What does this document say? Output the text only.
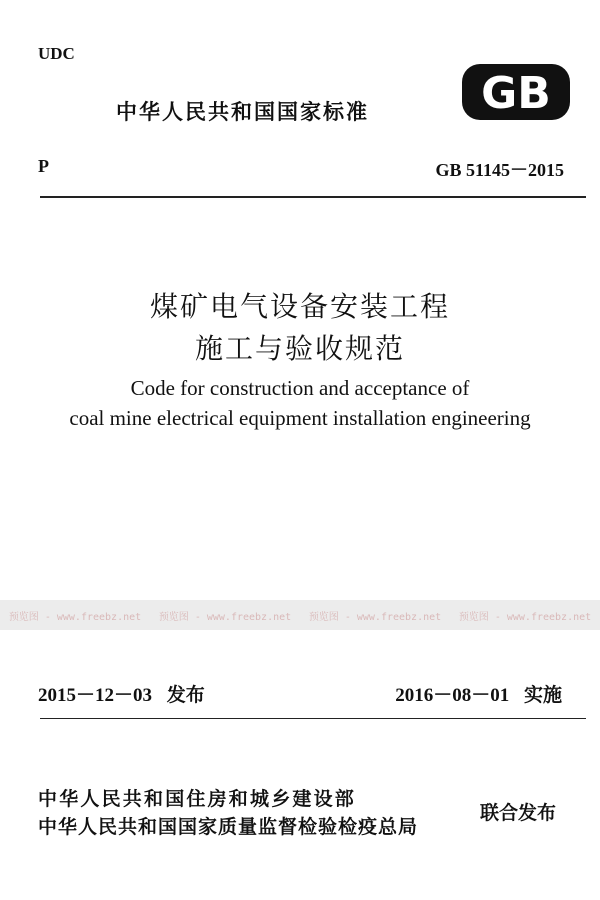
UDC
中华人民共和国国家标准	GB
P	GB 51145－2015
煤矿电气设备安装工程
施工与验收规范
Code for construction and acceptance of
coal mine electrical equipment installation engineering
预览图 - www.freebz.net 预览图 - www.freebz.net 预览图 - www.freebz.net 预览图 - www.freebz.net
2015－12－03 发布	2016－08－01 实施
中华人民共和国住房和城乡建设部
中华人民共和国国家质量监督检验检疫总局
联合发布
